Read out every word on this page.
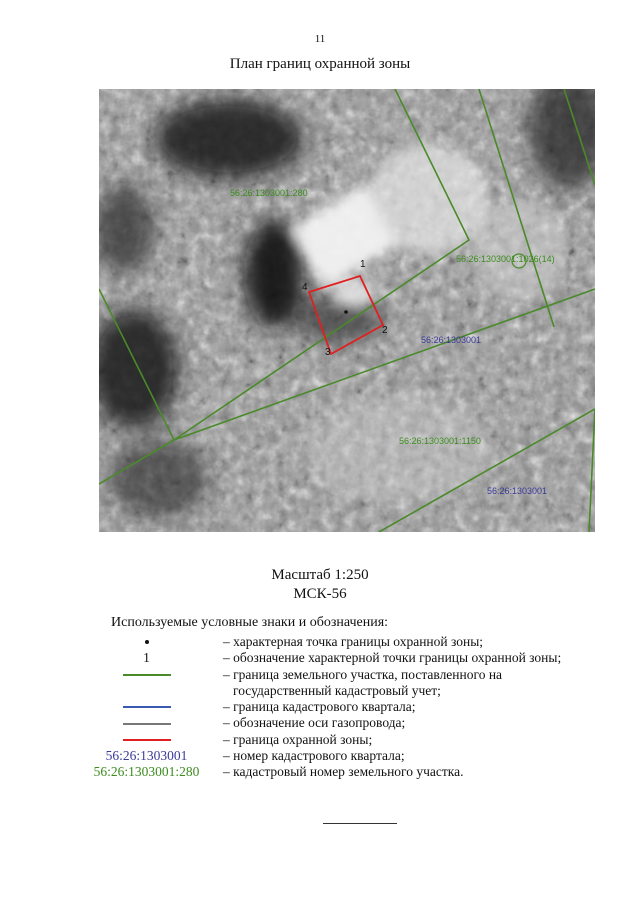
11
План границ охранной зоны
56:26:1303001:280
56:26:1303001:1026(14)
56:26:1303001
56:26:1303001:1150
56:26:1303001
1
2
3
4
Масштаб 1:250
МСК-56
Используемые условные знаки и обозначения:
– характерная точка границы охранной зоны;
1	– обозначение характерной точки границы охранной зоны;
– граница земельного участка, поставленного на
государственный кадастровый учет;
– граница кадастрового квартала;
– обозначение оси газопровода;
– граница охранной зоны;
56:26:1303001	– номер кадастрового квартала;
56:26:1303001:280	– кадастровый номер земельного участка.
